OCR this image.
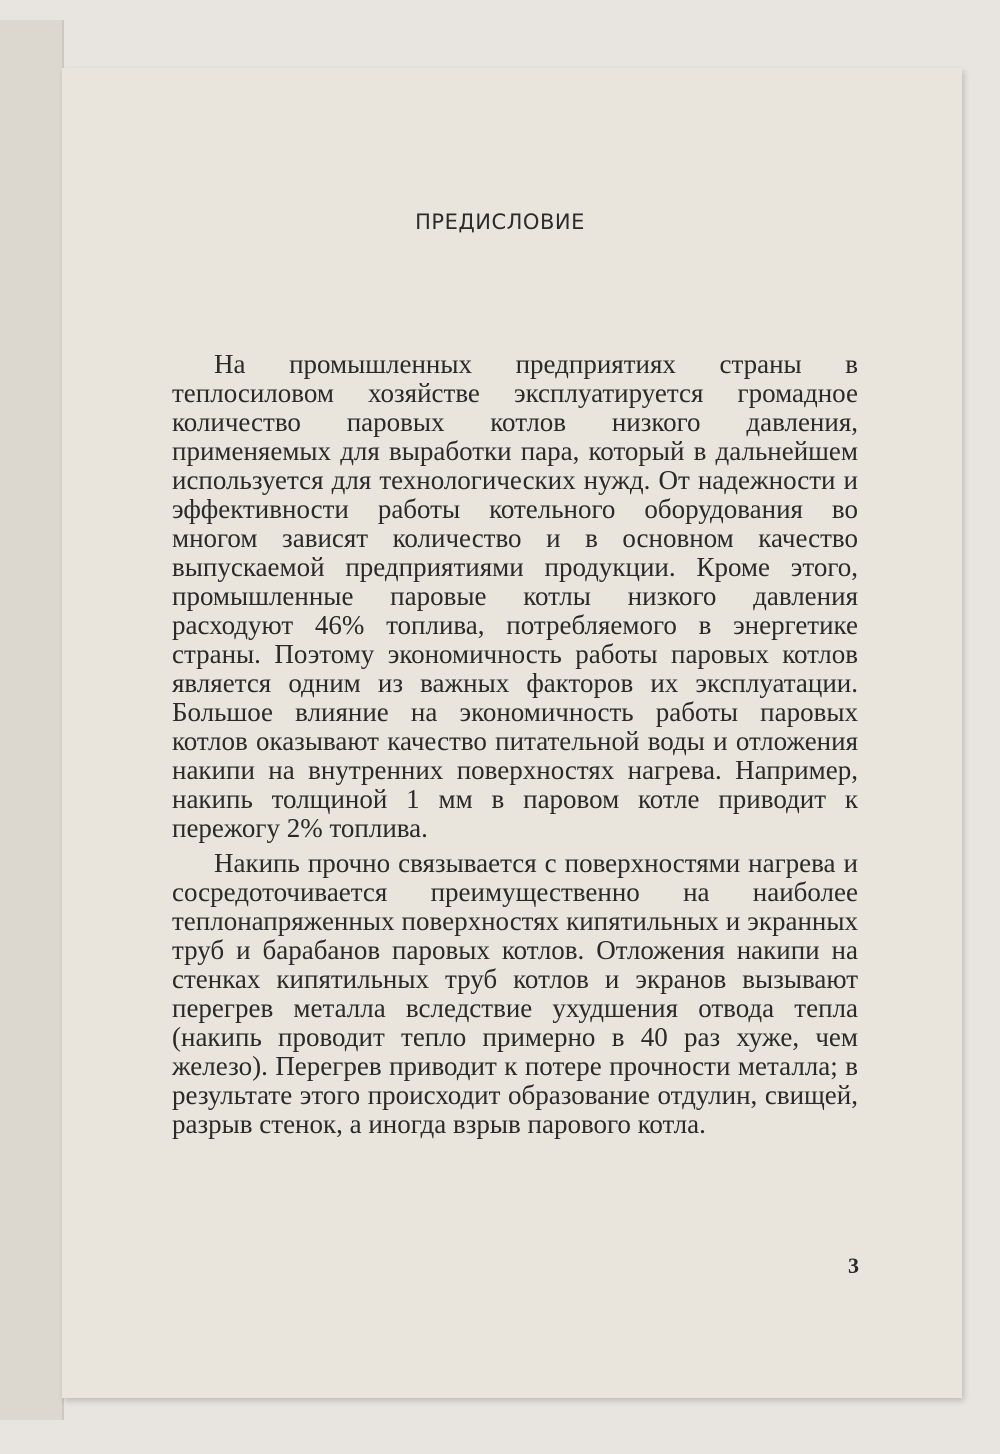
ПРЕДИСЛОВИЕ

На промышленных предприятиях страны в теплосиловом хозяйстве эксплуатируется громадное количество паровых котлов низкого давления, применяемых для выработки пара, который в дальнейшем используется для технологических нужд. От надежности и эффективности работы котельного оборудования во многом зависят количество и в основном качество выпускаемой предприятиями продукции. Кроме этого, промышленные паровые котлы низкого давления расходуют 46% топлива, потребляемого в энергетике страны. Поэтому экономичность работы паровых котлов является одним из важных факторов их эксплуатации. Большое влияние на экономичность работы паровых котлов оказывают качество питательной воды и отложения накипи на внутренних поверхностях нагрева. Например, накипь толщиной 1 мм в паровом котле приводит к пережогу 2% топлива.

Накипь прочно связывается с поверхностями нагрева и сосредоточивается преимущественно на наиболее теплонапряженных поверхностях кипятильных и экранных труб и барабанов паровых котлов. Отложения накипи на стенках кипятильных труб котлов и экранов вызывают перегрев металла вследствие ухудшения отвода тепла (накипь проводит тепло примерно в 40 раз хуже, чем железо). Перегрев приводит к потере прочности металла; в результате этого происходит образование отдулин, свищей, разрыв стенок, а иногда взрыв парового котла.

3
